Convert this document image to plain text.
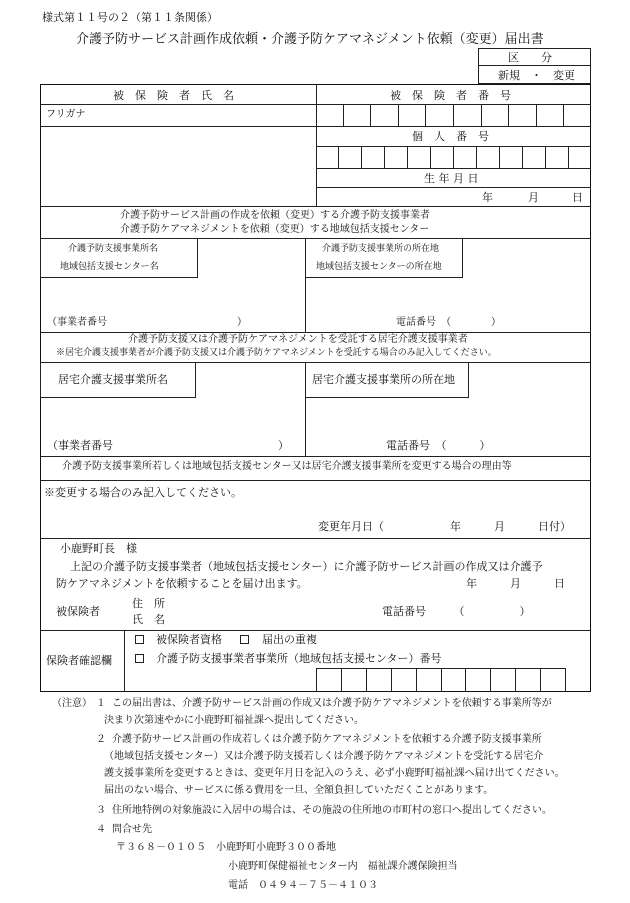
様式第１１号の２（第１１条関係）
介護予防サービス計画作成依頼・介護予防ケアマネジメント依頼（変更）届出書
区　　分
新規　・　変更
被　保　険　者　氏　名	被　保　険　者　番　号
フリガナ
個　人　番　号
生 年 月 日
年	月	日
介護予防サービス計画の作成を依頼（変更）する介護予防支援事業者
介護予防ケアマネジメントを依頼（変更）する地域包括支援センター
介護予防支援事業所名
地域包括支援センター名
介護予防支援事業所の所在地
地域包括支援センターの所在地
（事業者番号　　　　　　　　　　　　　）	電話番号　（　　　　）
介護予防支援又は介護予防ケアマネジメントを受託する居宅介護支援事業者
※居宅介護支援事業者が介護予防支援又は介護予防ケアマネジメントを受託する場合のみ記入してください。
居宅介護支援事業所名	居宅介護支援事業所の所在地
（事業者番号　　　　　　　　　　　　　　　）	電話番号　（　　　）
介護予防支援事業所若しくは地域包括支援センター又は居宅介護支援事業所を変更する場合の理由等
※変更する場合のみ記入してください。
変更年月日（　　　　　　年　　　月　　　日付）
小鹿野町長　様
上記の介護予防支援事業者（地域包括支援センター）に介護予防サービス計画の作成又は介護予
防ケアマネジメントを依頼することを届け出ます。	年　　　月　　　日
被保険者
住　所
氏　名
電話番号　　　（　　　　　）
保険者確認欄
被保険者資格	届出の重複
介護予防支援事業者事業所（地域包括支援センター）番号
（注意） １ この届出書は、介護予防サービス計画の作成又は介護予防ケアマネジメントを依頼する事業所等が
決まり次第速やかに小鹿野町福祉課へ提出してください。
２ 介護予防サービス計画の作成若しくは介護予防ケアマネジメントを依頼する介護予防支援事業所
（地域包括支援センター）又は介護予防支援若しくは介護予防ケアマネジメントを受託する居宅介
護支援事業所を変更するときは、変更年月日を記入のうえ、必ず小鹿野町福祉課へ届け出てください。
届出のない場合、サービスに係る費用を一旦、全額負担していただくことがあります。
３ 住所地特例の対象施設に入居中の場合は、その施設の住所地の市町村の窓口へ提出してください。
４ 問合せ先
〒３６８－０１０５　小鹿野町小鹿野３００番地
小鹿野町保健福祉センター内　福祉課介護保険担当
電話　０４９４－７５－４１０３
